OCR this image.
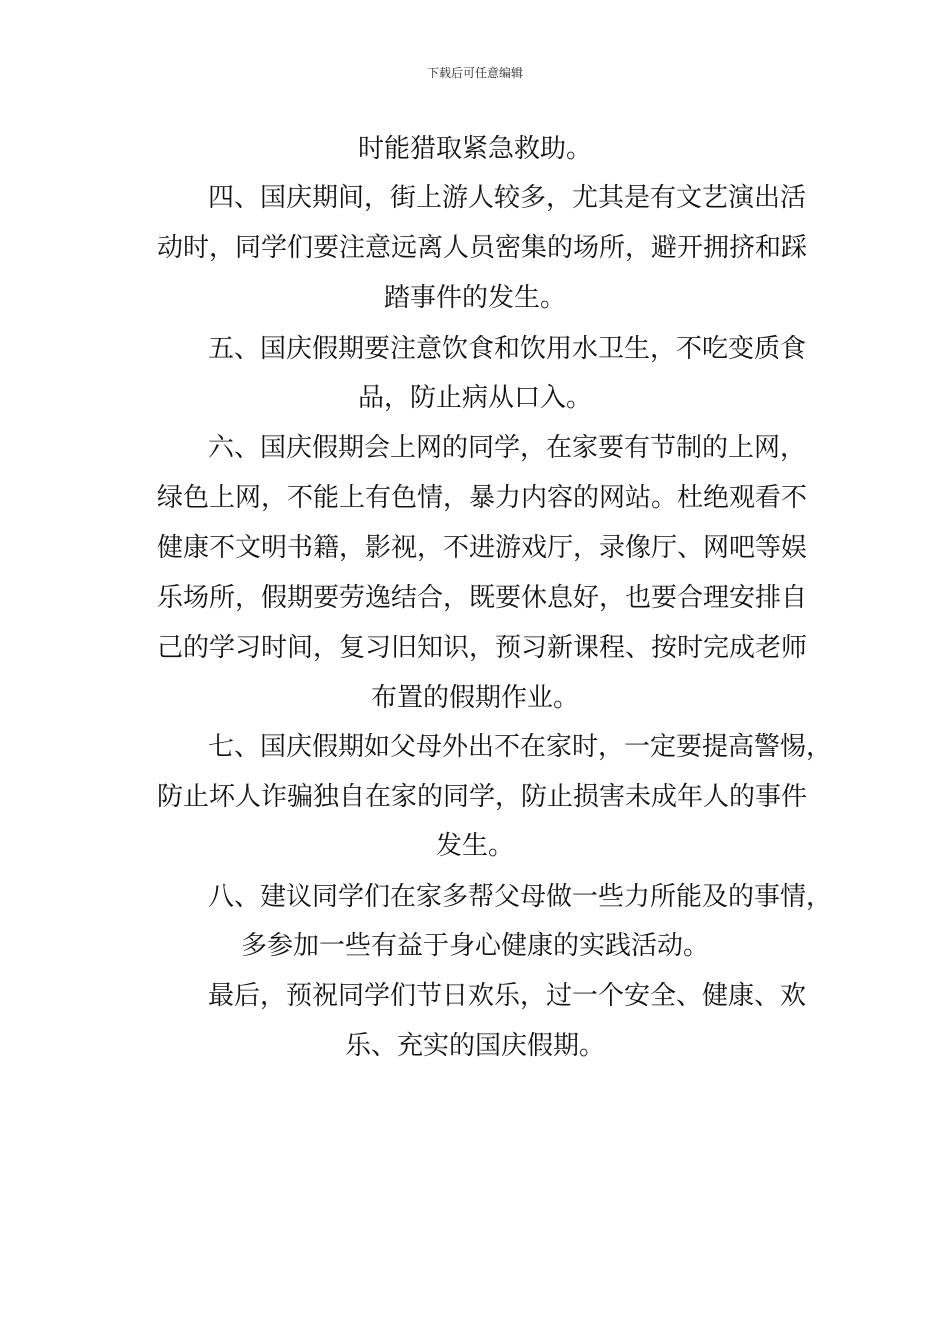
下载后可任意编辑
时能猎取紧急救助。
四、国庆期间，街上游人较多，尤其是有文艺演出活
动时，同学们要注意远离人员密集的场所，避开拥挤和踩
踏事件的发生。
五、国庆假期要注意饮食和饮用水卫生，不吃变质食
品，防止病从口入。
六、国庆假期会上网的同学，在家要有节制的上网，
绿色上网，不能上有色情，暴力内容的网站。杜绝观看不
健康不文明书籍，影视，不进游戏厅，录像厅、网吧等娱
乐场所，假期要劳逸结合，既要休息好，也要合理安排自
己的学习时间，复习旧知识，预习新课程、按时完成老师
布置的假期作业。
七、国庆假期如父母外出不在家时，一定要提高警惕，
防止坏人诈骗独自在家的同学，防止损害未成年人的事件
发生。
八、建议同学们在家多帮父母做一些力所能及的事情，
多参加一些有益于身心健康的实践活动。
最后，预祝同学们节日欢乐，过一个安全、健康、欢
乐、充实的国庆假期。
